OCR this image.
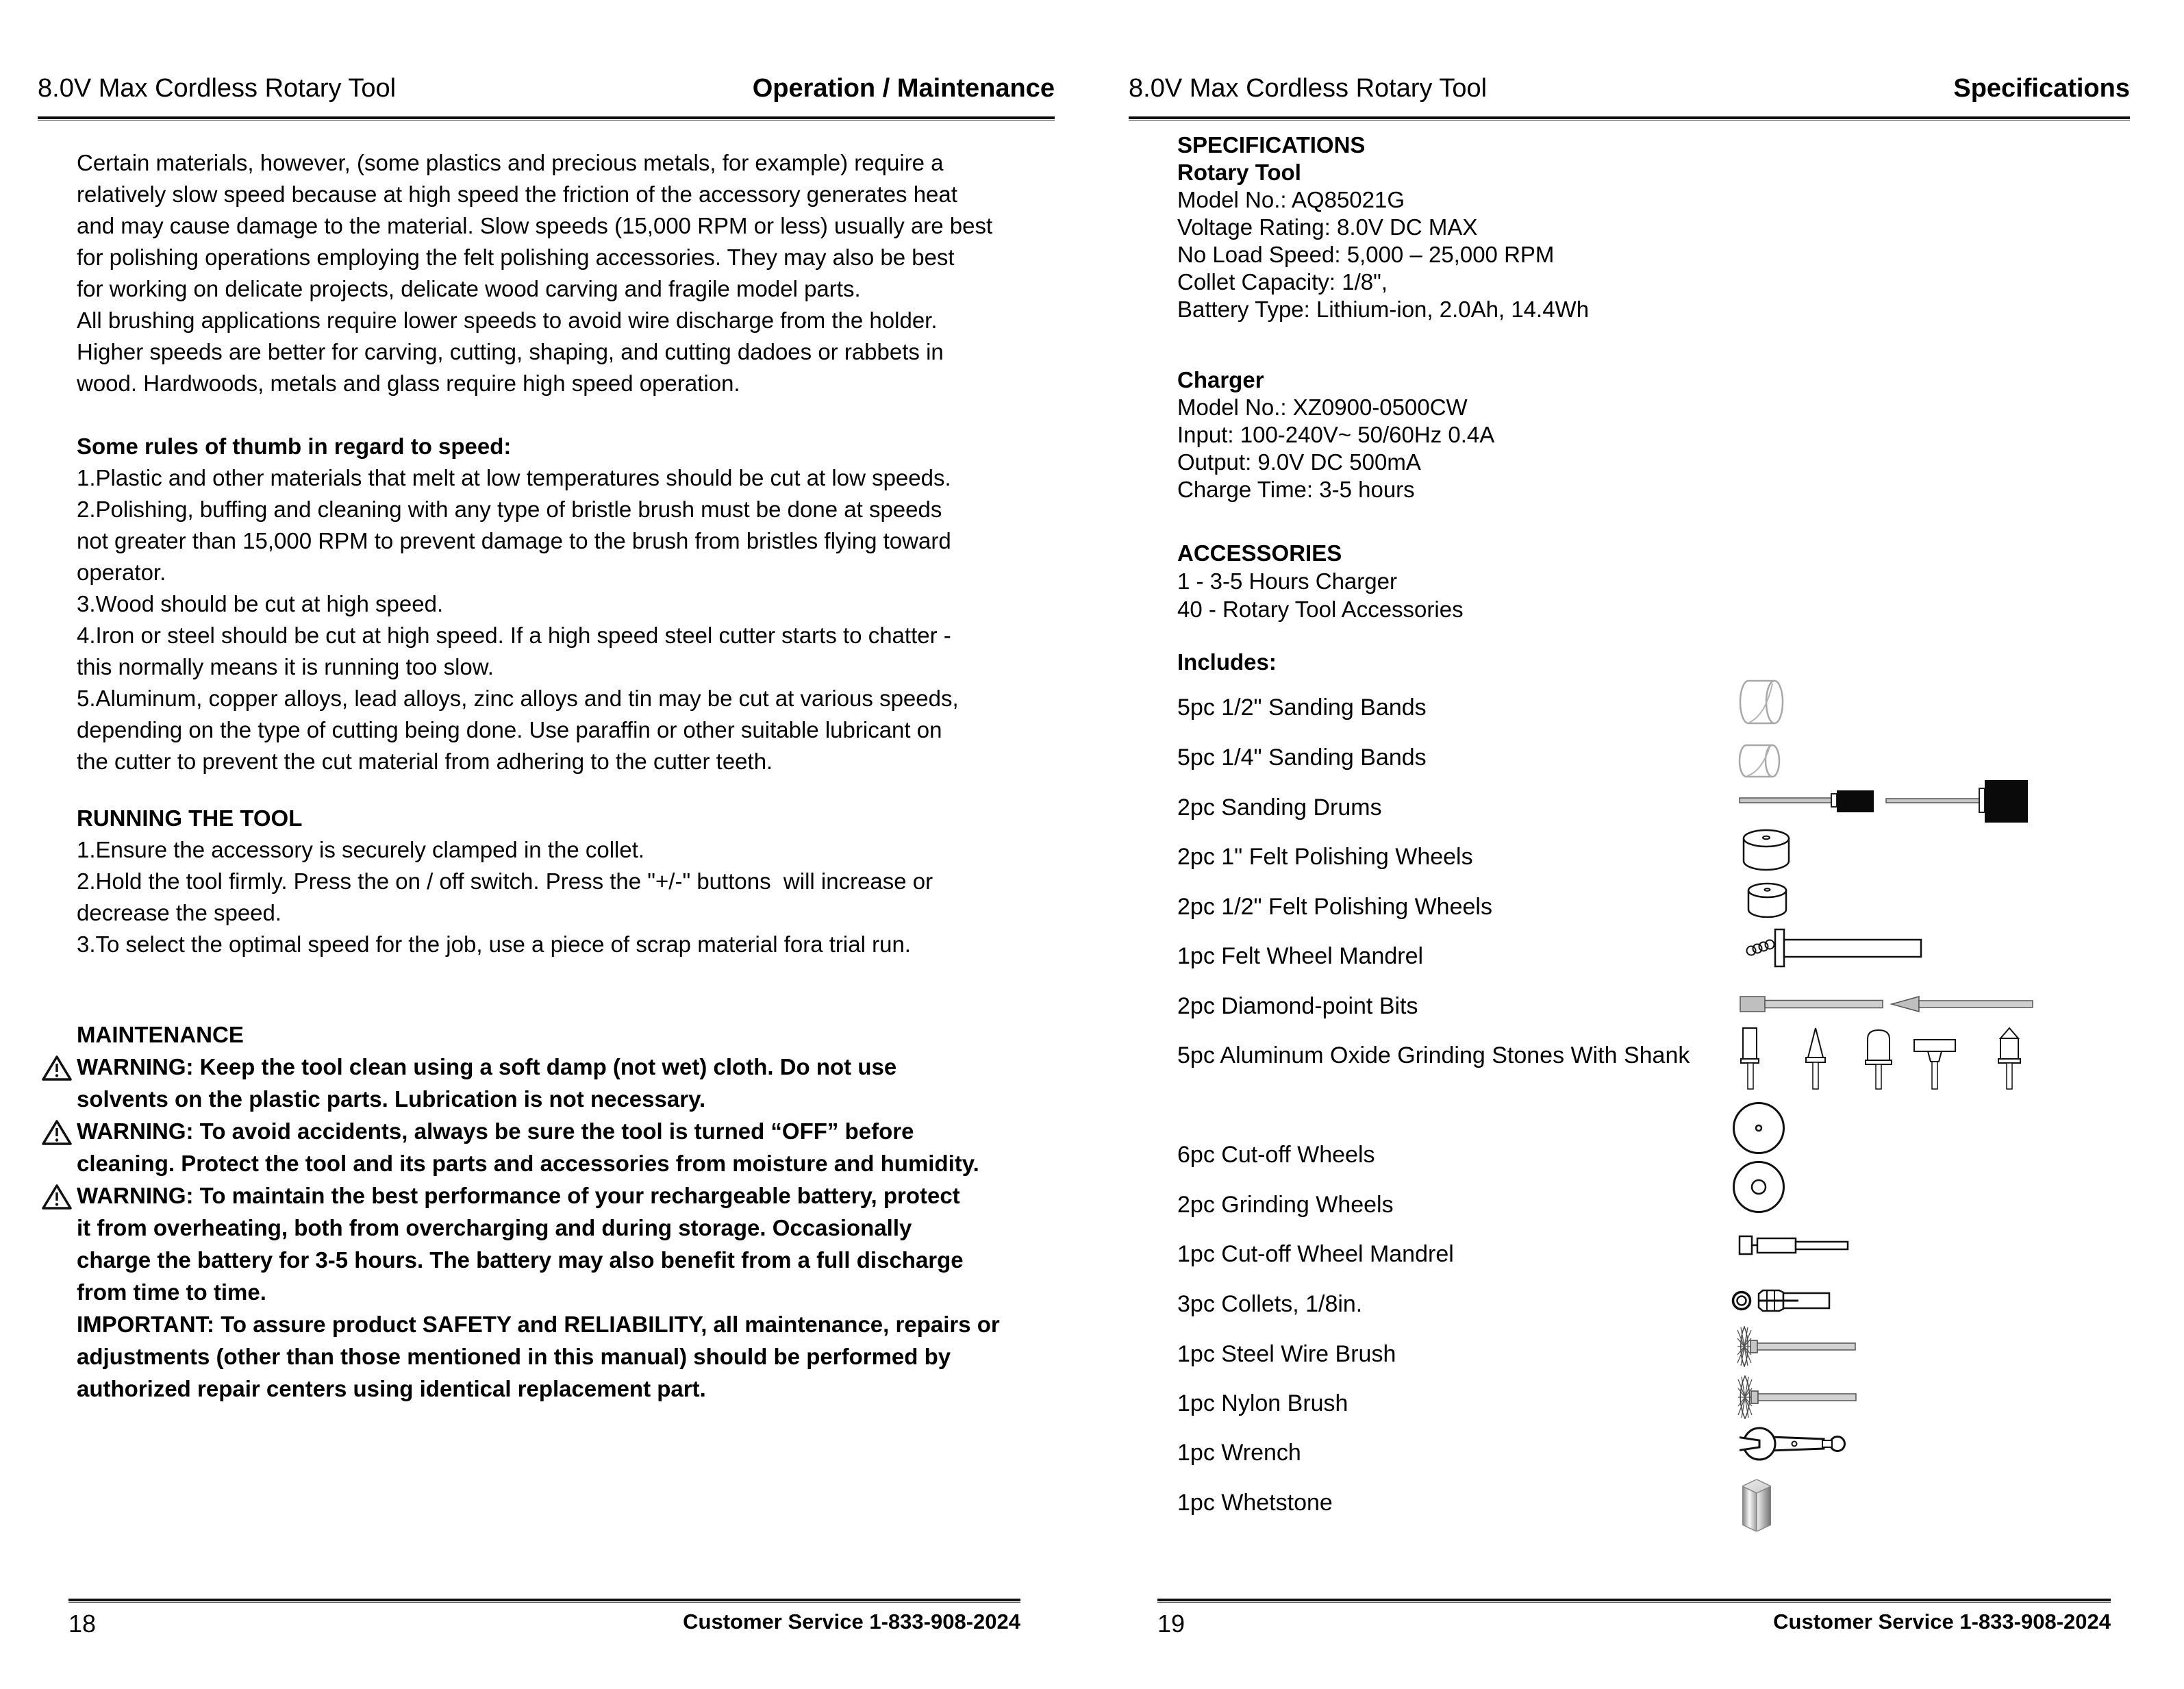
8.0V Max Cordless Rotary Tool	Operation / Maintenance
Certain materials, however, (some plastics and precious metals, for example) require a
relatively slow speed because at high speed the friction of the accessory generates heat
and may cause damage to the material. Slow speeds (15,000 RPM or less) usually are best
for polishing operations employing the felt polishing accessories. They may also be best
for working on delicate projects, delicate wood carving and fragile model parts.
All brushing applications require lower speeds to avoid wire discharge from the holder.
Higher speeds are better for carving, cutting, shaping, and cutting dadoes or rabbets in
wood. Hardwoods, metals and glass require high speed operation.
Some rules of thumb in regard to speed:
1.Plastic and other materials that melt at low temperatures should be cut at low speeds.
2.Polishing, buffing and cleaning with any type of bristle brush must be done at speeds
not greater than 15,000 RPM to prevent damage to the brush from bristles flying toward
operator.
3.Wood should be cut at high speed.
4.Iron or steel should be cut at high speed. If a high speed steel cutter starts to chatter -
this normally means it is running too slow.
5.Aluminum, copper alloys, lead alloys, zinc alloys and tin may be cut at various speeds,
depending on the type of cutting being done. Use paraffin or other suitable lubricant on
the cutter to prevent the cut material from adhering to the cutter teeth.
RUNNING THE TOOL
1.Ensure the accessory is securely clamped in the collet.
2.Hold the tool firmly. Press the on / off switch. Press the "+/-" buttons  will increase or
decrease the speed.
3.To select the optimal speed for the job, use a piece of scrap material fora trial run.
MAINTENANCE
WARNING: Keep the tool clean using a soft damp (not wet) cloth. Do not use
solvents on the plastic parts. Lubrication is not necessary.
WARNING: To avoid accidents, always be sure the tool is turned “OFF” before
cleaning. Protect the tool and its parts and accessories from moisture and humidity.
WARNING: To maintain the best performance of your rechargeable battery, protect
it from overheating, both from overcharging and during storage. Occasionally
charge the battery for 3-5 hours. The battery may also benefit from a full discharge
from time to time.
IMPORTANT: To assure product SAFETY and RELIABILITY, all maintenance, repairs or
adjustments (other than those mentioned in this manual) should be performed by
authorized repair centers using identical replacement part.
18	Customer Service 1-833-908-2024
8.0V Max Cordless Rotary Tool	Specifications
SPECIFICATIONS
Rotary Tool
Model No.: AQ85021G
Voltage Rating: 8.0V DC MAX
No Load Speed: 5,000 – 25,000 RPM
Collet Capacity: 1/8",
Battery Type: Lithium-ion, 2.0Ah, 14.4Wh
Charger
Model No.: XZ0900-0500CW
Input: 100-240V~ 50/60Hz 0.4A
Output: 9.0V DC 500mA
Charge Time: 3-5 hours
ACCESSORIES
1 - 3-5 Hours Charger
40 - Rotary Tool Accessories
Includes:
5pc 1/2" Sanding Bands
5pc 1/4" Sanding Bands
2pc Sanding Drums
2pc 1" Felt Polishing Wheels
2pc 1/2" Felt Polishing Wheels
1pc Felt Wheel Mandrel
2pc Diamond-point Bits
5pc Aluminum Oxide Grinding Stones With Shank
6pc Cut-off Wheels
2pc Grinding Wheels
1pc Cut-off Wheel Mandrel
3pc Collets, 1/8in.
1pc Steel Wire Brush
1pc Nylon Brush
1pc Wrench
1pc Whetstone
19	Customer Service 1-833-908-2024
